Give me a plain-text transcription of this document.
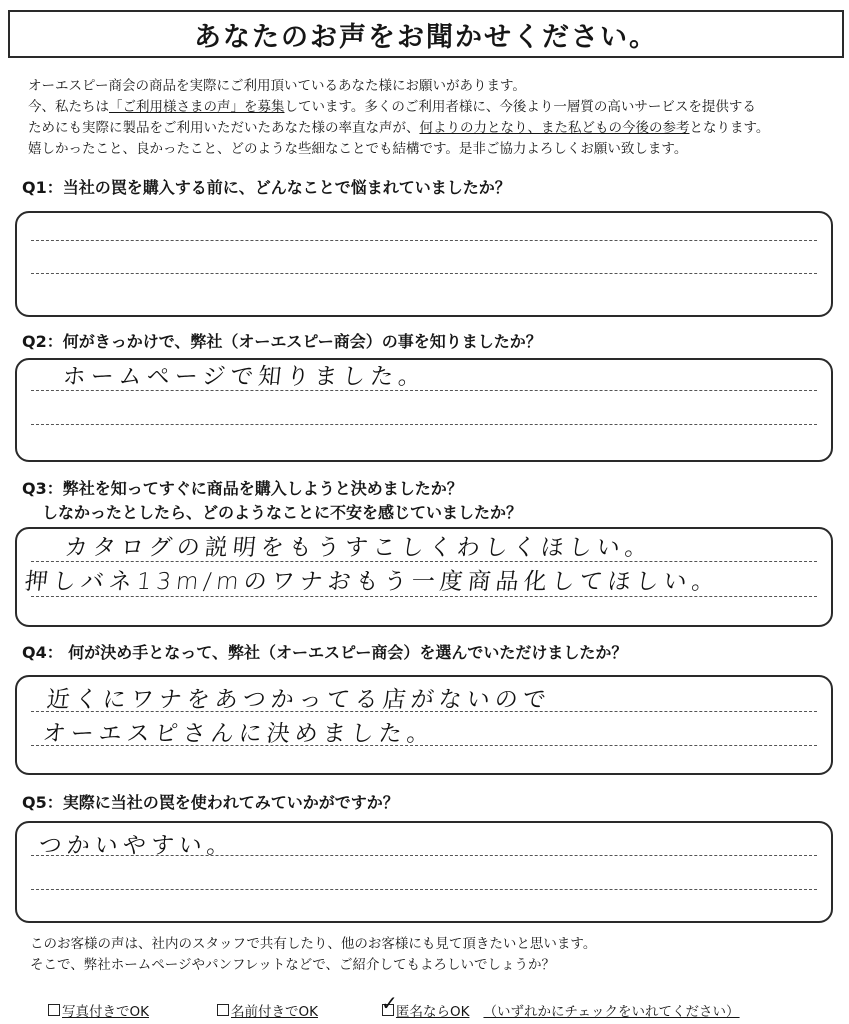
あなたのお声をお聞かせください。
オーエスピー商会の商品を実際にご利用頂いているあなた様にお願いがあります。
今、私たちは「ご利用様さまの声」を募集しています。多くのご利用者様に、今後より一層質の高いサービスを提供する
ためにも実際に製品をご利用いただいたあなた様の率直な声が、何よりの力となり、また私どもの今後の参考となります。
嬉しかったこと、良かったこと、どのような些細なことでも結構です。是非ご協力よろしくお願い致します。
Q1：当社の罠を購入する前に、どんなことで悩まれていましたか？
Q2：何がきっかけで、弊社（オーエスピー商会）の事を知りましたか？
ホームページで知りました。
Q3：弊社を知ってすぐに商品を購入しようと決めましたか？
しなかったとしたら、どのようなことに不安を感じていましたか？
カタログの説明をもうすこしくわしくほしい。
押しバネ13m/mのワナおもう一度商品化してほしい。
Q4： 何が決め手となって、弊社（オーエスピー商会）を選んでいただけましたか？
近くにワナをあつかってる店がないので
オーエスピさんに決めました。
Q5：実際に当社の罠を使われてみていかがですか？
つかいやすい。
このお客様の声は、社内のスタッフで共有したり、他のお客様にも見て頂きたいと思います。
そこで、弊社ホームページやパンフレットなどで、ご紹介してもよろしいでしょうか？
写真付きでOK	名前付きでOK	✓
匿名ならOK （いずれかにチェックをいれてください）
